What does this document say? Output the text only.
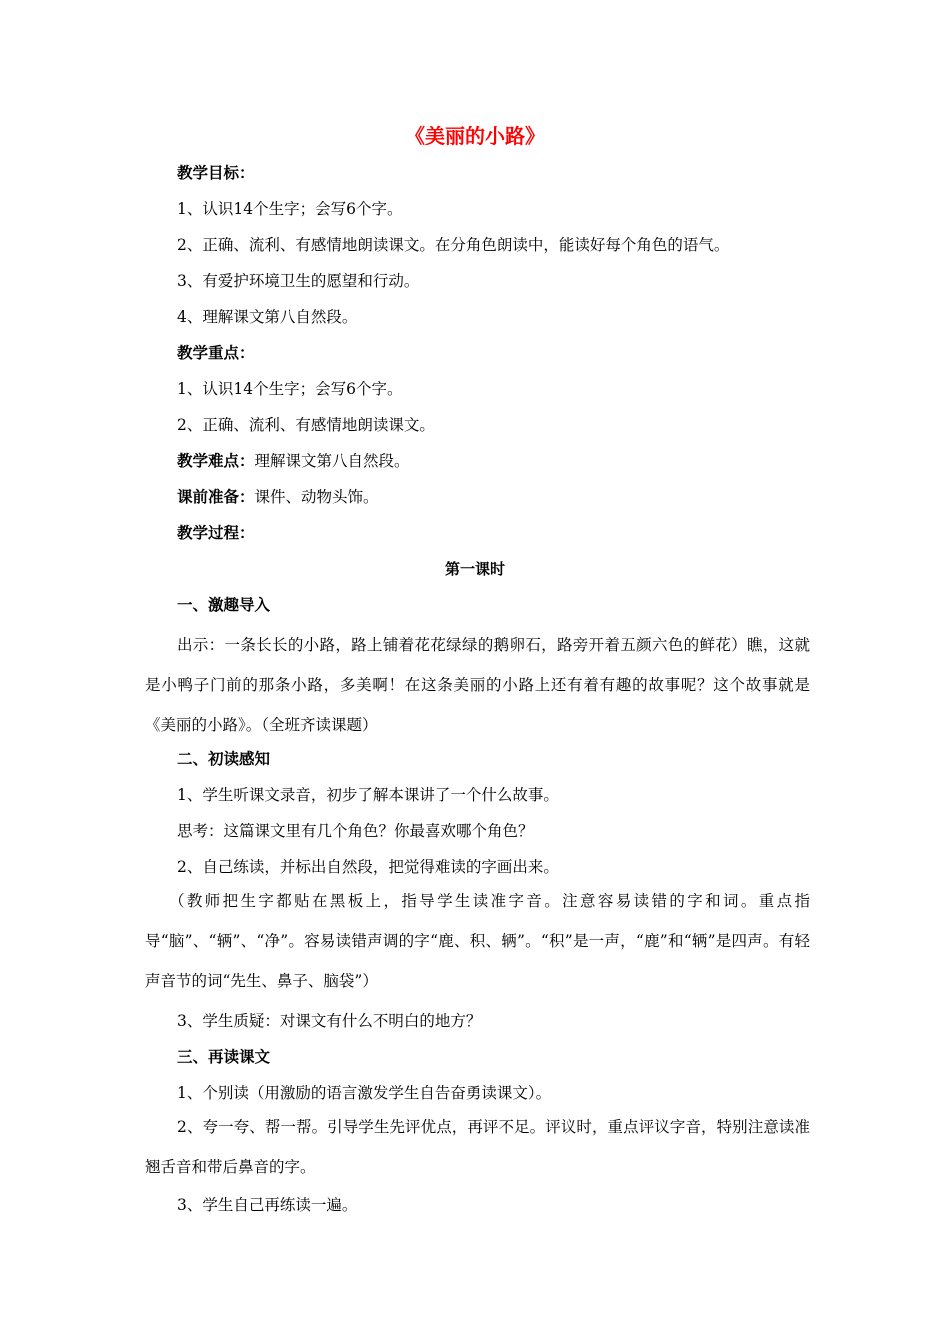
《美丽的小路》

教学目标：

1、认识14个生字；会写6个字。

2、正确、流利、有感情地朗读课文。在分角色朗读中，能读好每个角色的语气。

3、有爱护环境卫生的愿望和行动。

4、理解课文第八自然段。

教学重点：

1、认识14个生字；会写6个字。

2、正确、流利、有感情地朗读课文。

教学难点：理解课文第八自然段。

课前准备：课件、动物头饰。

教学过程：

第一课时

一、激趣导入

出示：一条长长的小路，路上铺着花花绿绿的鹅卵石，路旁开着五颜六色的鲜花）瞧，这就是小鸭子门前的那条小路，多美啊！在这条美丽的小路上还有着有趣的故事呢？这个故事就是《美丽的小路》。（全班齐读课题）

二、初读感知

1、学生听课文录音，初步了解本课讲了一个什么故事。

思考：这篇课文里有几个角色？你最喜欢哪个角色？

2、自己练读，并标出自然段，把觉得难读的字画出来。

（教师把生字都贴在黑板上，指导学生读准字音。注意容易读错的字和词。重点指导“脑”、“辆”、“净”。容易读错声调的字“鹿、积、辆”。“积”是一声，“鹿”和“辆”是四声。有轻声音节的词“先生、鼻子、脑袋”）

3、学生质疑：对课文有什么不明白的地方？

三、再读课文

1、个别读（用激励的语言激发学生自告奋勇读课文）。

2、夸一夸、帮一帮。引导学生先评优点，再评不足。评议时，重点评议字音，特别注意读准翘舌音和带后鼻音的字。

3、学生自己再练读一遍。
